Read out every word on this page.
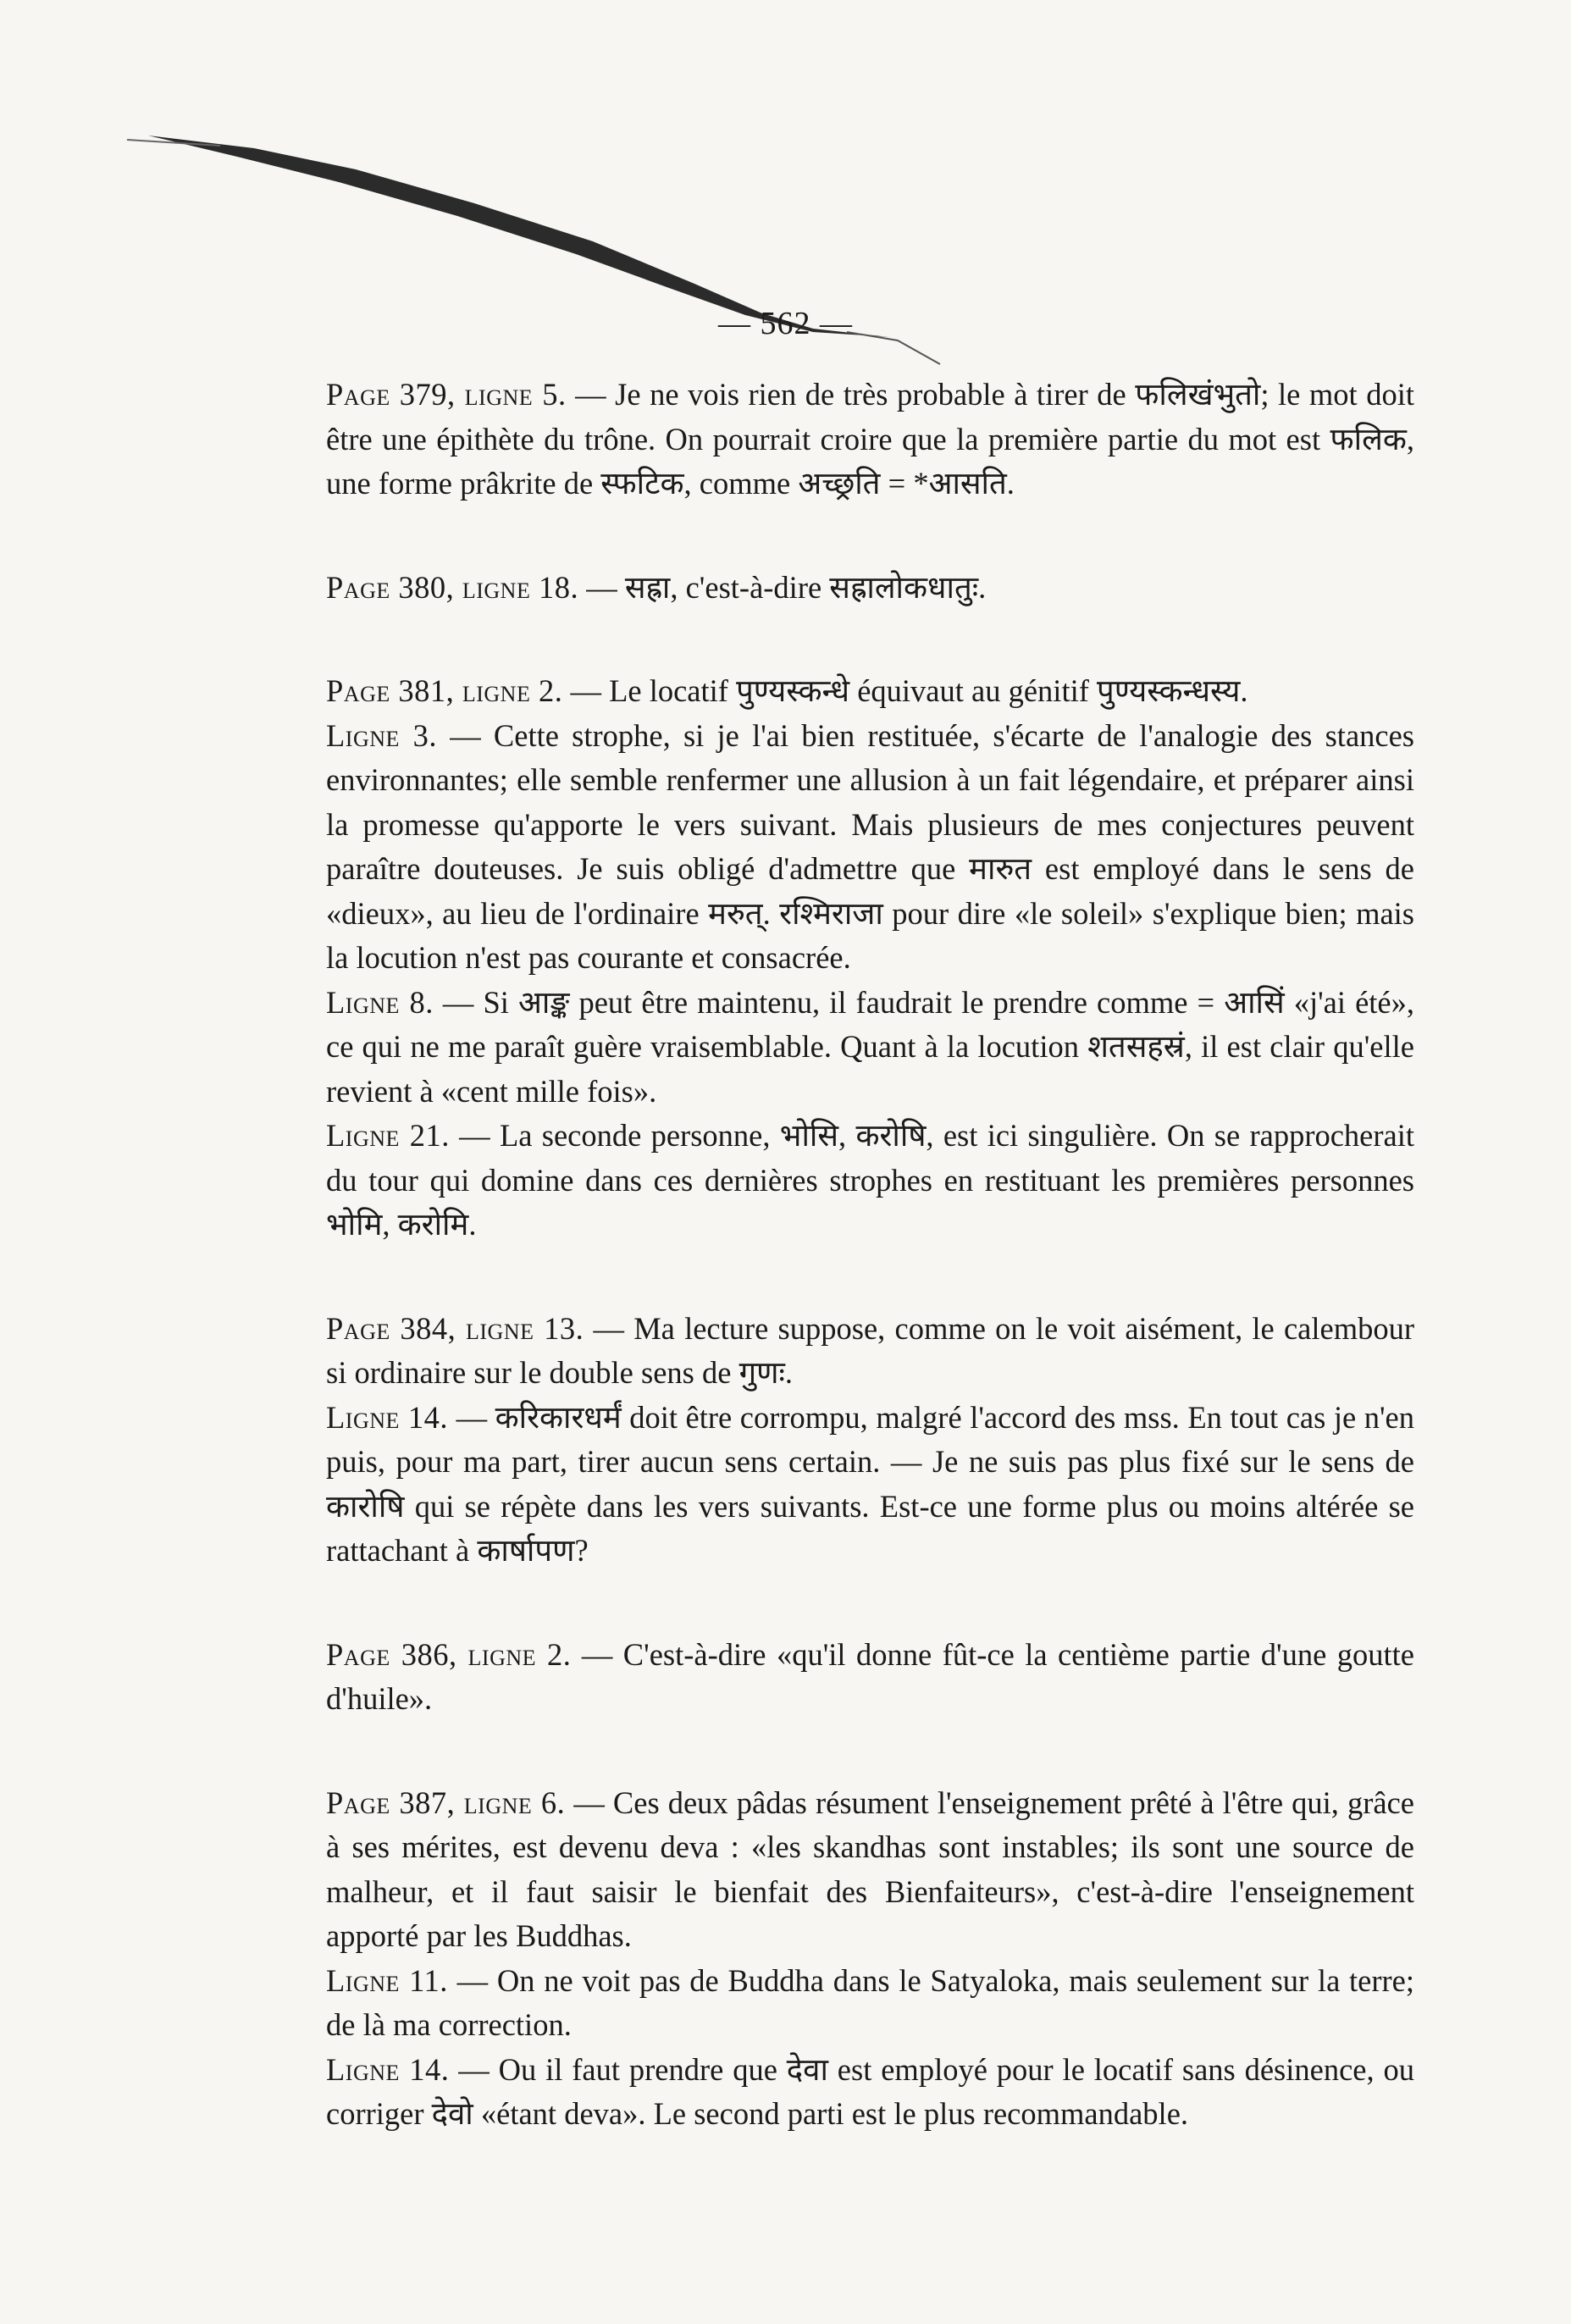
— 562 —

Page 379, ligne 5. — Je ne vois rien de très probable à tirer de फलिखंभुतो; le mot doit être une épithète du trône. On pourrait croire que la première partie du mot est फलिक, une forme prâkrite de स्फटिक, comme अच्छ्रति = *आसति.

Page 380, ligne 18. — सह्रा, c'est-à-dire सह्रालोकधातुः.

Page 381, ligne 2. — Le locatif पुण्यस्कन्धे équivaut au génitif पुण्यस्कन्धस्य.

Ligne 3. — Cette strophe, si je l'ai bien restituée, s'écarte de l'analogie des stances environnantes; elle semble renfermer une allusion à un fait légendaire, et préparer ainsi la promesse qu'apporte le vers suivant. Mais plusieurs de mes conjectures peuvent paraître douteuses. Je suis obligé d'admettre que मारुत est employé dans le sens de «dieux», au lieu de l'ordinaire मरुत्. रश्मिराजा pour dire «le soleil» s'explique bien; mais la locution n'est pas courante et consacrée.

Ligne 8. — Si आङ्क peut être maintenu, il faudrait le prendre comme = आसिं «j'ai été», ce qui ne me paraît guère vraisemblable. Quant à la locution शतसहस्रं, il est clair qu'elle revient à «cent mille fois».

Ligne 21. — La seconde personne, भोसि, करोषि, est ici singulière. On se rapprocherait du tour qui domine dans ces dernières strophes en restituant les premières personnes भोमि, करोमि.

Page 384, ligne 13. — Ma lecture suppose, comme on le voit aisément, le calembour si ordinaire sur le double sens de गुणः.

Ligne 14. — करिकारधर्मं doit être corrompu, malgré l'accord des mss. En tout cas je n'en puis, pour ma part, tirer aucun sens certain. — Je ne suis pas plus fixé sur le sens de कारोषि qui se répète dans les vers suivants. Est-ce une forme plus ou moins altérée se rattachant à कार्षापण?

Page 386, ligne 2. — C'est-à-dire «qu'il donne fût-ce la centième partie d'une goutte d'huile».

Page 387, ligne 6. — Ces deux pâdas résument l'enseignement prêté à l'être qui, grâce à ses mérites, est devenu deva : «les skandhas sont instables; ils sont une source de malheur, et il faut saisir le bienfait des Bienfaiteurs», c'est-à-dire l'enseignement apporté par les Buddhas.

Ligne 11. — On ne voit pas de Buddha dans le Satyaloka, mais seulement sur la terre; de là ma correction.

Ligne 14. — Ou il faut prendre que देवा est employé pour le locatif sans désinence, ou corriger देवो «étant deva». Le second parti est le plus recommandable.
